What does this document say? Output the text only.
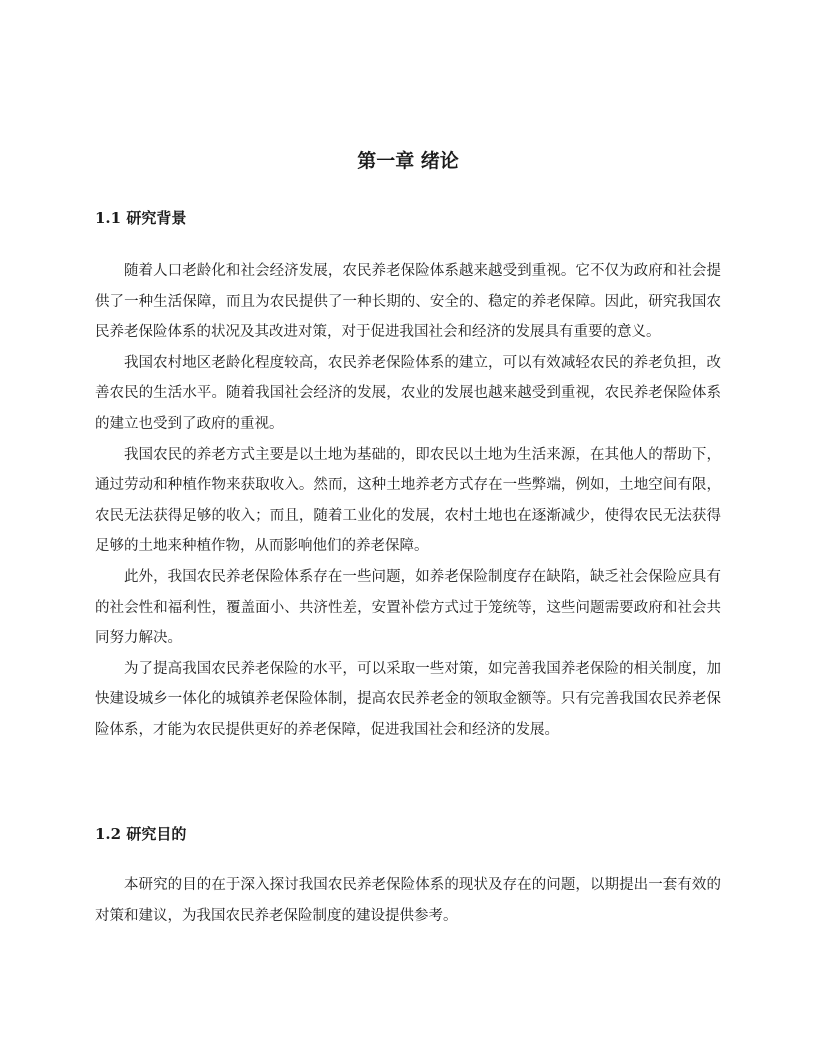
第一章 绪论
1.1 研究背景

随着人口老龄化和社会经济发展，农民养老保险体系越来越受到重视。它不仅为政府和社会提供了一种生活保障，而且为农民提供了一种长期的、安全的、稳定的养老保障。因此，研究我国农民养老保险体系的状况及其改进对策，对于促进我国社会和经济的发展具有重要的意义。

我国农村地区老龄化程度较高，农民养老保险体系的建立，可以有效减轻农民的养老负担，改善农民的生活水平。随着我国社会经济的发展，农业的发展也越来越受到重视，农民养老保险体系的建立也受到了政府的重视。

我国农民的养老方式主要是以土地为基础的，即农民以土地为生活来源，在其他人的帮助下，通过劳动和种植作物来获取收入。然而，这种土地养老方式存在一些弊端，例如，土地空间有限，农民无法获得足够的收入；而且，随着工业化的发展，农村土地也在逐渐减少，使得农民无法获得足够的土地来种植作物，从而影响他们的养老保障。

此外，我国农民养老保险体系存在一些问题，如养老保险制度存在缺陷，缺乏社会保险应具有的社会性和福利性，覆盖面小、共济性差，安置补偿方式过于笼统等，这些问题需要政府和社会共同努力解决。

为了提高我国农民养老保险的水平，可以采取一些对策，如完善我国养老保险的相关制度，加快建设城乡一体化的城镇养老保险体制，提高农民养老金的领取金额等。只有完善我国农民养老保险体系，才能为农民提供更好的养老保障，促进我国社会和经济的发展。

1.2 研究目的

本研究的目的在于深入探讨我国农民养老保险体系的现状及存在的问题，以期提出一套有效的对策和建议，为我国农民养老保险制度的建设提供参考。
